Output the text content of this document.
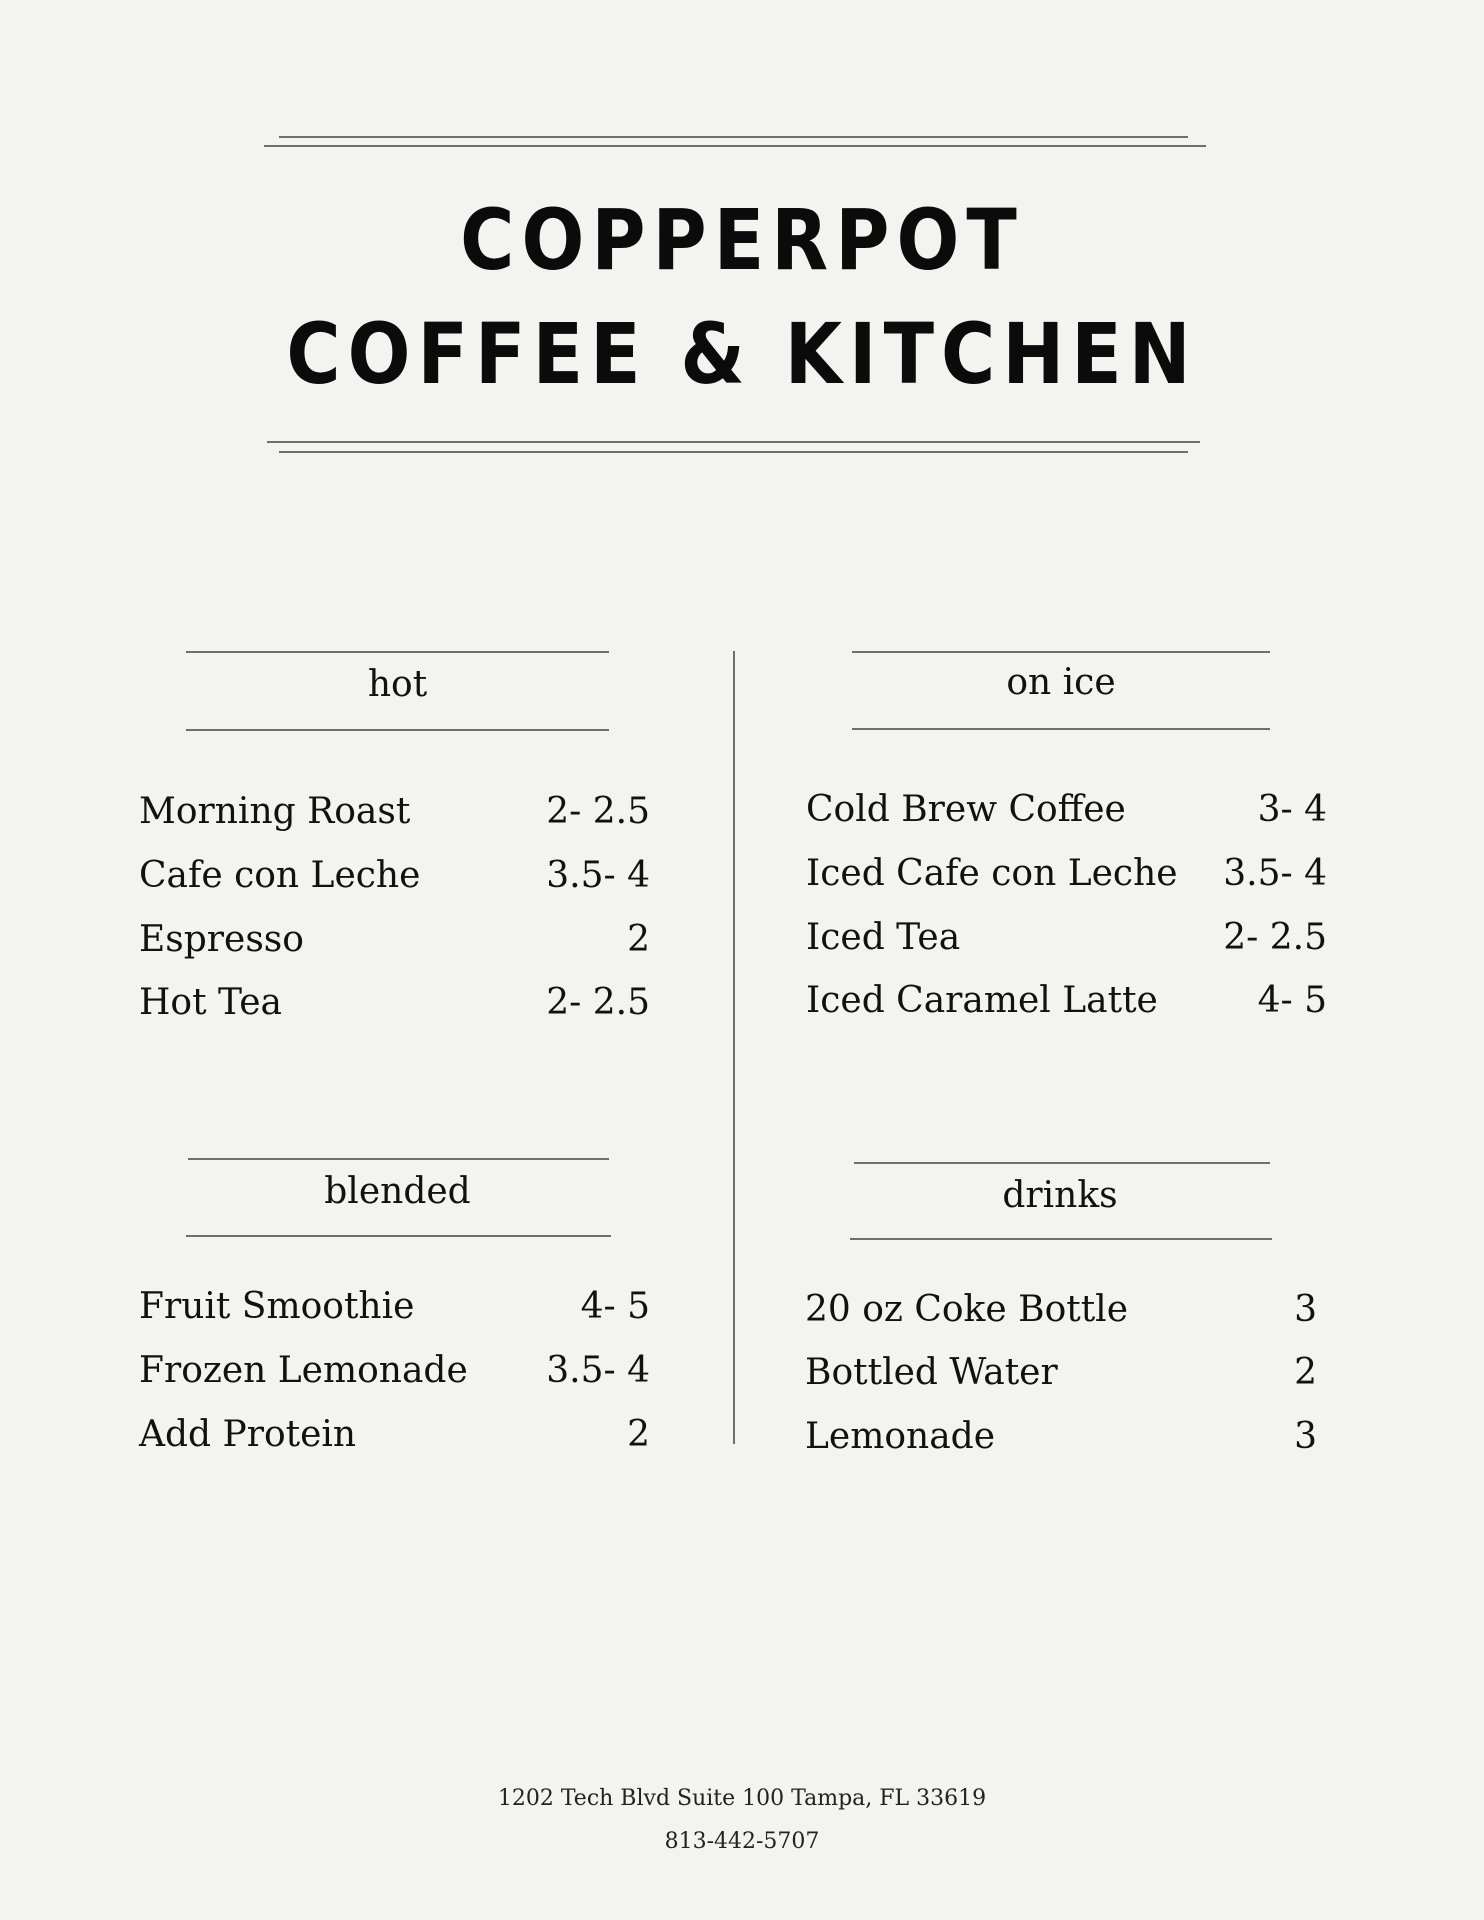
COPPERPOT
COFFEE & KITCHEN
hot
Morning Roast	2- 2.5
Cafe con Leche	3.5- 4
Espresso	2
Hot Tea	2- 2.5
on ice
Cold Brew Coffee	3- 4
Iced Cafe con Leche	3.5- 4
Iced Tea	2- 2.5
Iced Caramel Latte	4- 5
blended
Fruit Smoothie	4- 5
Frozen Lemonade	3.5- 4
Add Protein	2
drinks
20 oz Coke Bottle	3
Bottled Water	2
Lemonade	3
1202 Tech Blvd Suite 100 Tampa, FL 33619
813-442-5707
